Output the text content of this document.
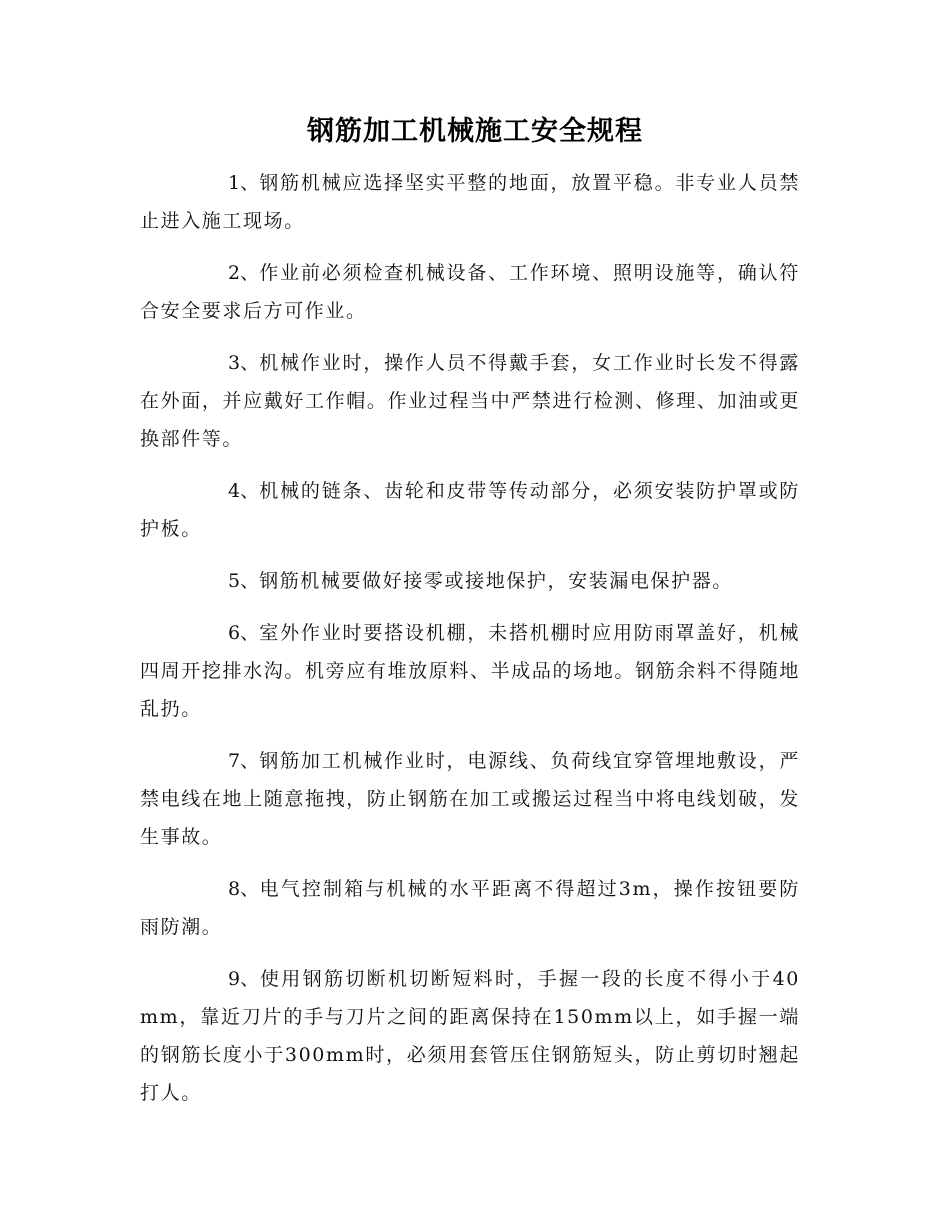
钢筋加工机械施工安全规程

1、钢筋机械应选择坚实平整的地面，放置平稳。非专业人员禁止进入施工现场。

2、作业前必须检查机械设备、工作环境、照明设施等，确认符合安全要求后方可作业。

3、机械作业时，操作人员不得戴手套，女工作业时长发不得露在外面，并应戴好工作帽。作业过程当中严禁进行检测、修理、加油或更换部件等。

4、机械的链条、齿轮和皮带等传动部分，必须安装防护罩或防护板。

5、钢筋机械要做好接零或接地保护，安装漏电保护器。

6、室外作业时要搭设机棚，未搭机棚时应用防雨罩盖好，机械四周开挖排水沟。机旁应有堆放原料、半成品的场地。钢筋余料不得随地乱扔。

7、钢筋加工机械作业时，电源线、负荷线宜穿管埋地敷设，严禁电线在地上随意拖拽，防止钢筋在加工或搬运过程当中将电线划破，发生事故。

8、电气控制箱与机械的水平距离不得超过3m，操作按钮要防雨防潮。

9、使用钢筋切断机切断短料时，手握一段的长度不得小于40mm，靠近刀片的手与刀片之间的距离保持在150mm以上，如手握一端的钢筋长度小于300mm时，必须用套管压住钢筋短头，防止剪切时翘起打人。
